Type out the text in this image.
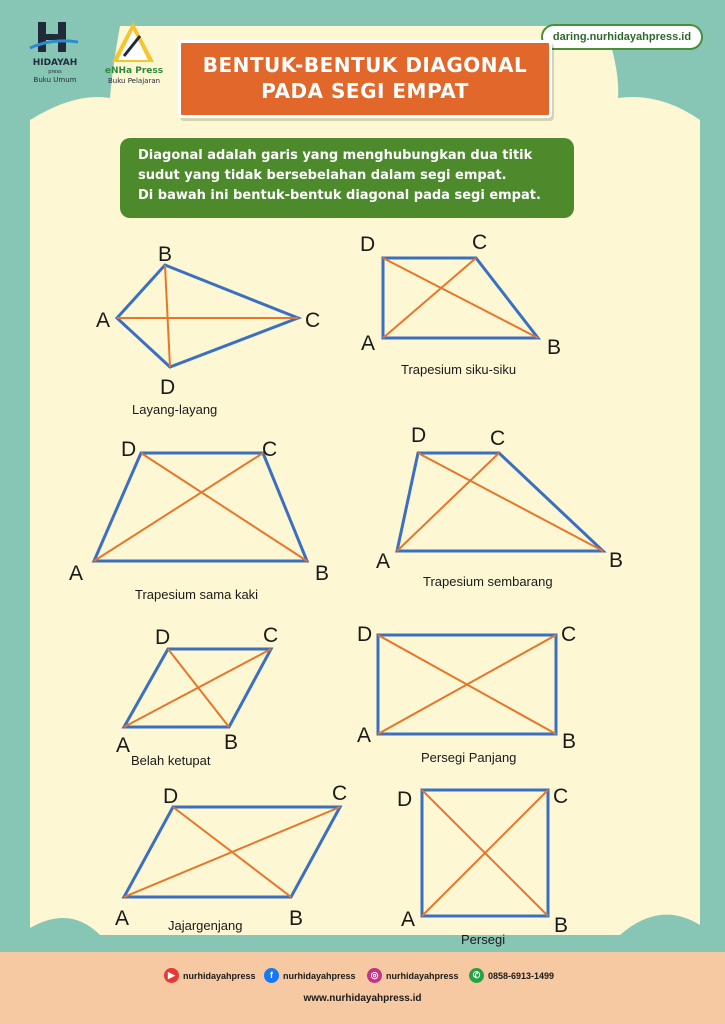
HIDAYAH
press
Buku Umum
eNHa Press
Buku Pelajaran
daring.nurhidayahpress.id
BENTUK-BENTUK DIAGONAL
PADA SEGI EMPAT
Diagonal adalah garis yang menghubungkan dua titik
sudut yang tidak bersebelahan dalam segi empat.
Di bawah ini bentuk-bentuk diagonal pada segi empat.
A
B
C
D
A	B
C
D
A	B
C
D
A	B
C
D
A	B
C
D
A	B
C
D
A	B
C
D
A	B
C
D
Layang-layang
Trapesium siku-siku
Trapesium sama kaki
Trapesium sembarang
Belah ketupat	Persegi Panjang
Jajargenjang
Persegi
▶ nurhidayahpress	f	nurhidayahpress	◎ nurhidayahpress	✆ 0858-6913-1499
www.nurhidayahpress.id
